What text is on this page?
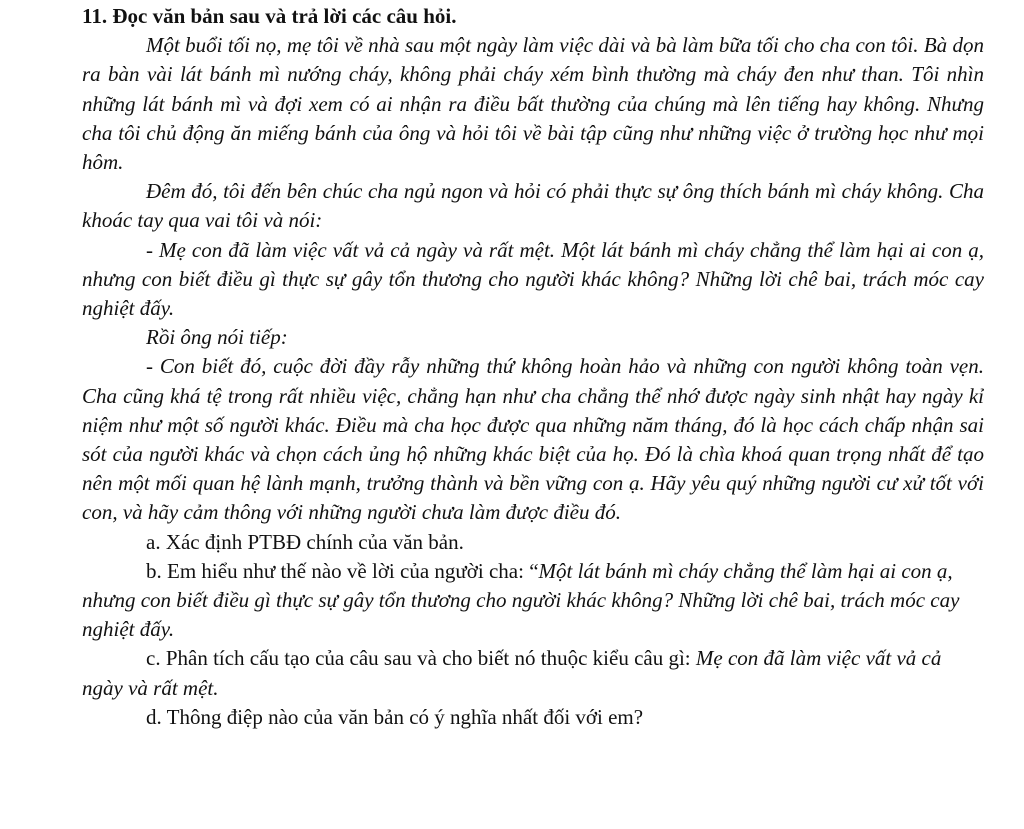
11. Đọc văn bản sau và trả lời các câu hỏi.

Một buổi tối nọ, mẹ tôi về nhà sau một ngày làm việc dài và bà làm bữa tối cho cha con tôi. Bà dọn ra bàn vài lát bánh mì nướng cháy, không phải cháy xém bình thường mà cháy đen như than. Tôi nhìn những lát bánh mì và đợi xem có ai nhận ra điều bất thường của chúng mà lên tiếng hay không. Nhưng cha tôi chủ động ăn miếng bánh của ông và hỏi tôi về bài tập cũng như những việc ở trường học như mọi hôm.

Đêm đó, tôi đến bên chúc cha ngủ ngon và hỏi có phải thực sự ông thích bánh mì cháy không. Cha khoác tay qua vai tôi và nói:

- Mẹ con đã làm việc vất vả cả ngày và rất mệt. Một lát bánh mì cháy chẳng thể làm hại ai con ạ, nhưng con biết điều gì thực sự gây tổn thương cho người khác không? Những lời chê bai, trách móc cay nghiệt đấy.

Rồi ông nói tiếp:

- Con biết đó, cuộc đời đầy rẫy những thứ không hoàn hảo và những con người không toàn vẹn. Cha cũng khá tệ trong rất nhiều việc, chẳng hạn như cha chẳng thể nhớ được ngày sinh nhật hay ngày kỉ niệm như một số người khác. Điều mà cha học được qua những năm tháng, đó là học cách chấp nhận sai sót của người khác và chọn cách ủng hộ những khác biệt của họ. Đó là chìa khoá quan trọng nhất để tạo nên một mối quan hệ lành mạnh, trưởng thành và bền vững con ạ. Hãy yêu quý những người cư xử tốt với con, và hãy cảm thông với những người chưa làm được điều đó.

a. Xác định PTBĐ chính của văn bản.

b. Em hiểu như thế nào về lời của người cha: “Một lát bánh mì cháy chẳng thể làm hại ai con ạ, nhưng con biết điều gì thực sự gây tổn thương cho người khác không? Những lời chê bai, trách móc cay nghiệt đấy.

c. Phân tích cấu tạo của câu sau và cho biết nó thuộc kiểu câu gì: Mẹ con đã làm việc vất vả cả ngày và rất mệt.

d. Thông điệp nào của văn bản có ý nghĩa nhất đối với em?
